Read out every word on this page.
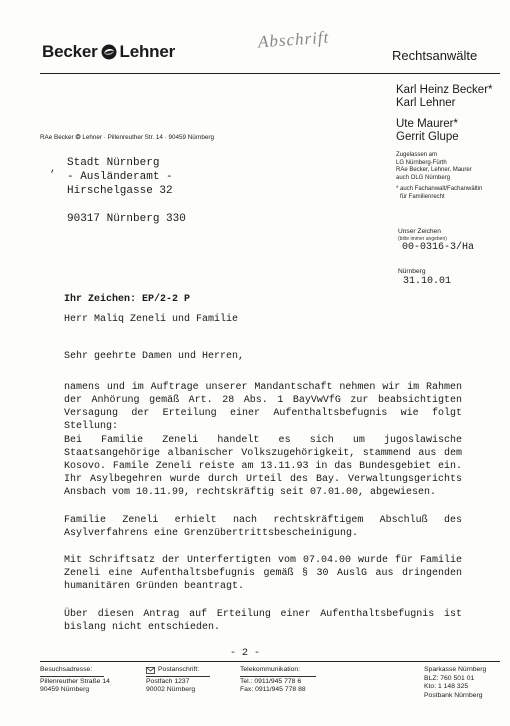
Becker Lehner
Abschrift
Rechtsanwälte
Karl Heinz Becker*
Karl Lehner
Ute Maurer*
Gerrit Glupe
Zugelassen am
LG Nürnberg-Fürth
RAe Becker, Lehner, Maurer
auch OLG Nürnberg
* auch Fachanwalt/Fachanwältin
für Familienrecht
RAe Becker ❂ Lehner · Pillenreuther Str. 14 · 90459 Nürnberg
,
Stadt Nürnberg
- Ausländeramt -
Hirschelgasse 32

90317 Nürnberg 330
Unser Zeichen
(bitte immer angeben)
00-0316-3/Ha
Nürnberg
31.10.01
Ihr Zeichen: EP/2-2 P
Herr Maliq Zeneli und Familie
Sehr geehrte Damen und Herren,
namens und im Auftrage unserer Mandantschaft nehmen wir im Rahmen der Anhörung gemäß Art. 28 Abs. 1 BayVwVfG zur beabsichtigten Versagung der Erteilung einer Aufenthaltsbefugnis wie folgt Stellung:
Bei Familie Zeneli handelt es sich um jugoslawische Staatsangehörige albanischer Volkszugehörigkeit, stammend aus dem Kosovo. Famile Zeneli reiste am 13.11.93 in das Bundesgebiet ein. Ihr Asylbegehren wurde durch Urteil des Bay. Verwaltungsgerichts Ansbach vom 10.11.99, rechtskräftig seit 07.01.00, abgewiesen.
Familie Zeneli erhielt nach rechtskräftigem Abschluß des Asylverfahrens eine Grenzübertrittsbescheinigung.
Mit Schriftsatz der Unterfertigten vom 07.04.00 wurde für Familie Zeneli eine Aufenthaltsbefugnis gemäß § 30 AuslG aus dringenden humanitären Gründen beantragt.
Über diesen Antrag auf Erteilung einer Aufenthaltsbefugnis ist bislang nicht entschieden.
- 2 -
Besuchsadresse:
Pillenreuther Straße 14
90459 Nürnberg
Postanschrift:
Postfach 1237
90002 Nürnberg
Telekommunikation:
Tel.: 0911/945 778 6
Fax: 0911/945 778 88
Sparkasse Nürnberg
BLZ: 760 501 01
Kto: 1 148 325
Postbank Nürnberg
